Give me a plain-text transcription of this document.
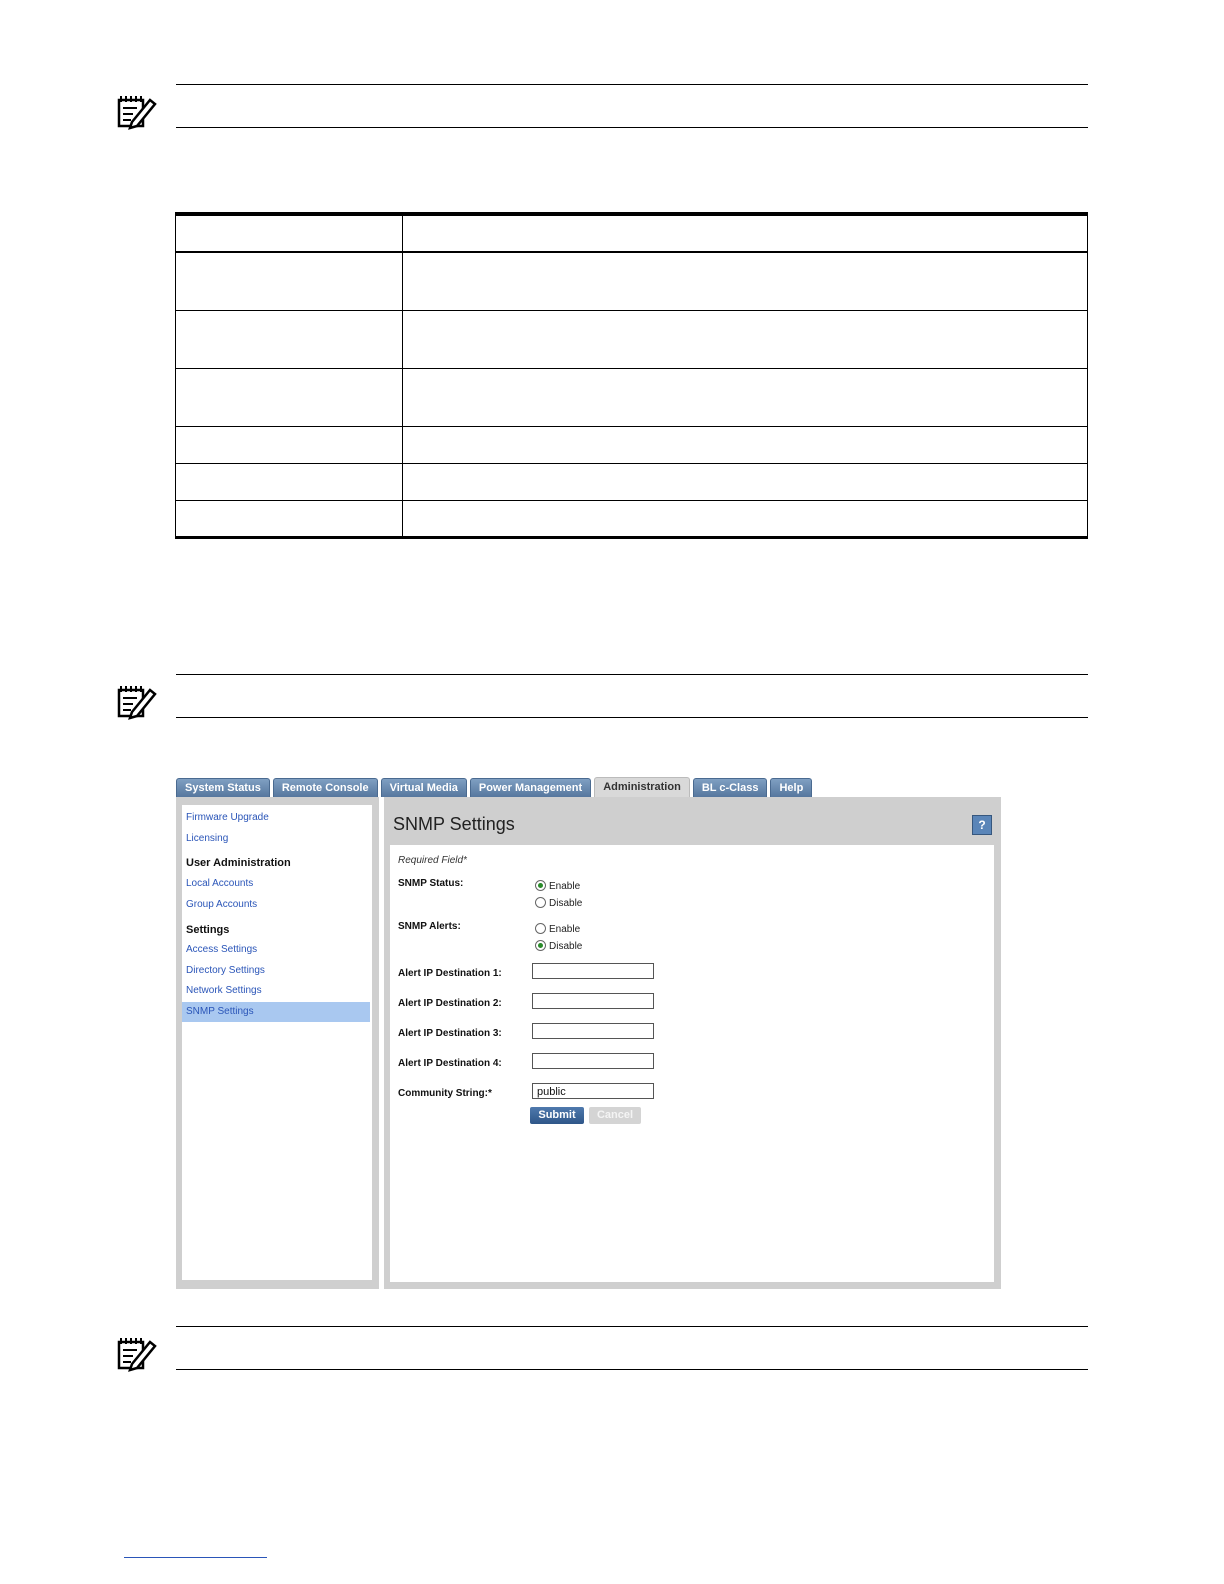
System Status	Remote Console	Virtual Media	Power Management	Administration	BL c-Class	Help
Firmware Upgrade
Licensing
User Administration
Local Accounts
Group Accounts
Settings
Access Settings
Directory Settings
Network Settings
SNMP Settings
SNMP Settings	?
Required Field*
SNMP Status:	Enable
Disable
SNMP Alerts:	Enable
Disable
Alert IP Destination 1:
Alert IP Destination 2:
Alert IP Destination 3:
Alert IP Destination 4:
Community String:*	public
Submit	Cancel
